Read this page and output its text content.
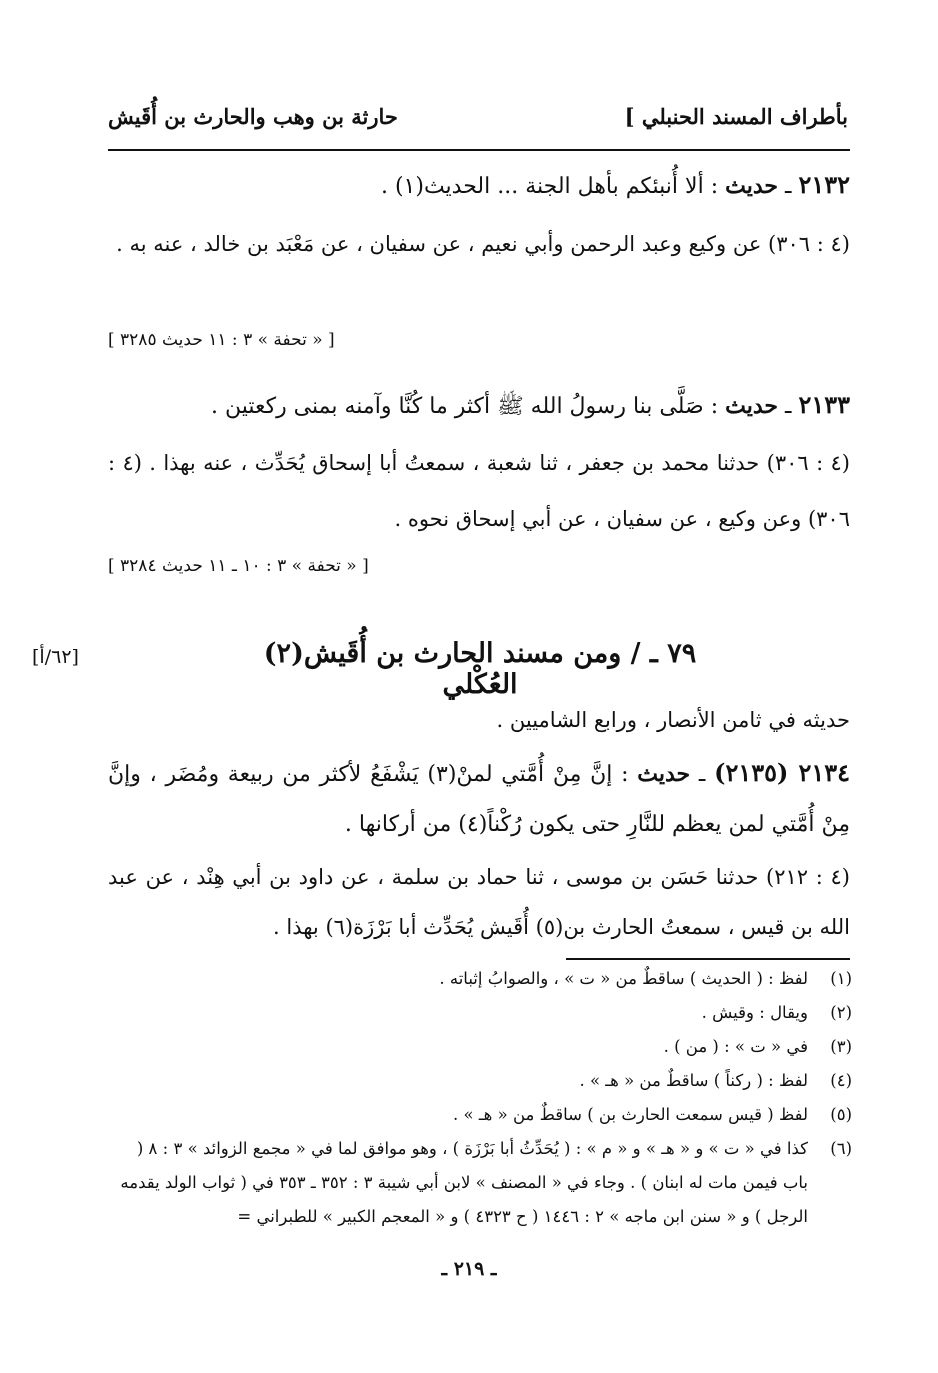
بأطراف المسند الحنبلي ]
حارثة بن وهب والحارث بن أُقَيش
٢١٣٢ ـ حديث : ألا أُنبئكم بأهل الجنة ... الحديث(١) .
(٤ : ٣٠٦) عن وكيع وعبد الرحمن وأبي نعيم ، عن سفيان ، عن مَعْبَد بن خالد ، عنه به .
[ « تحفة » ٣ : ١١ حديث ٣٢٨٥ ]
٢١٣٣ ـ حديث : صَلَّى بنا رسولُ الله ﷺ أكثر ما كُنَّا وآمنه بمنى ركعتين .
(٤ : ٣٠٦) حدثنا محمد بن جعفر ، ثنا شعبة ، سمعتُ أبا إسحاق يُحَدِّث ، عنه بهذا . (٤ : ٣٠٦) وعن وكيع ، عن سفيان ، عن أبي إسحاق نحوه .
[ « تحفة » ٣ : ١٠ ـ ١١ حديث ٣٢٨٤ ]
٧٩ ـ / ومن مسند الحارث بن أُقَيش(٢) العُكْلي
[٦٢/أ]
حديثه في ثامن الأنصار ، ورابع الشاميين .
٢١٣٤ (٢١٣٥) ـ حديث : إنَّ مِنْ أُمَّتي لمنْ(٣) يَشْفَعُ لأكثر من ربيعة ومُضَر ، وإنَّ مِنْ أُمَّتي لمن يعظم للنَّارِ حتى يكون رُكْناً(٤) من أركانها .
(٤ : ٢١٢) حدثنا حَسَن بن موسى ، ثنا حماد بن سلمة ، عن داود بن أبي هِنْد ، عن عبد الله بن قيس ، سمعتُ الحارث بن(٥) أُقَيش يُحَدِّث أبا بَرْزَة(٦) بهذا .
(١)
لفظ : ( الحديث ) ساقطٌ من « ت » ، والصوابُ إثباته .
(٢)
ويقال : وقيش .
(٣)
في « ت » : ( من ) .
(٤)
لفظ : ( ركناً ) ساقطٌ من « هـ » .
(٥)
لفظ ( قيس سمعت الحارث بن ) ساقطٌ من « هـ » .
(٦)
كذا في « ت » و « هـ » و « م » : ( يُحَدِّثُ أبا بَرْزَة ) ، وهو موافق لما في « مجمع الزوائد » ٣ : ٨ ( باب فيمن مات له ابنان ) . وجاء في « المصنف » لابن أبي شيبة ٣ : ٣٥٢ ـ ٣٥٣ في ( ثواب الولد يقدمه الرجل ) و « سنن ابن ماجه » ٢ : ١٤٤٦ ( ح ٤٣٢٣ ) و « المعجم الكبير » للطبراني =
ـ ٢١٩ ـ
